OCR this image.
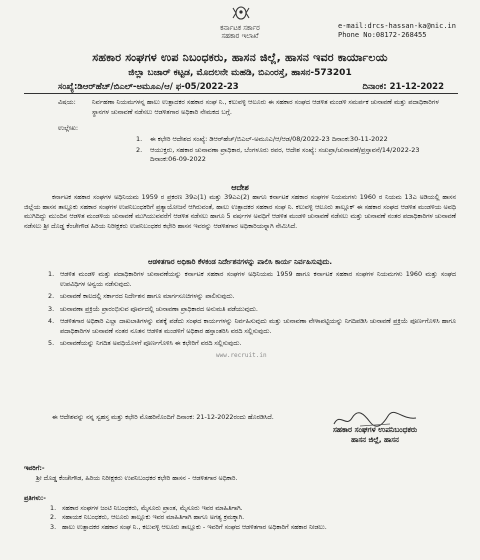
ಕರ್ನಾಟಕ ಸರ್ಕಾರ
ಸಹಕಾರ ಇಲಾಖೆ
e-mail:drcs-hassan-ka@nic.in
Phone No:08172-268455
ಸಹಕಾರ ಸಂಘಗಳ ಉಪ ನಿಬಂಧಕರು, ಹಾಸನ ಜಿಲ್ಲೆ, ಹಾಸನ ಇವರ ಕಾರ್ಯಾಲಯ
ಜಿಲ್ಲಾ ಬಜಾರ್ ಕಟ್ಟಡ, ಮೊದಲನೇ ಮಹಡಿ, ಬಿಎಂರಸ್ತೆ, ಹಾಸನ-573201
ಸಂಖ್ಯೆ:ಡಿಆರ್‌ಹೆಚ್/ಬಿಎಲ್-ಅಮೂಎ/ಆ/ ಫ-05/2022-23	ದಿನಾಂಕ: 21-12-2022
ವಿಷಯ:	ನಿರ್ವಹಣಾ ನಿಯಮಗಳನ್ನ ಹಾಲು ಉತ್ಪಾದಕರ ಸಹಕಾರ ಸಂಘ ನಿ., ಕಲುವಳ್ಳಿ ಆಲೂರು ಈ ಸಹಕಾರ ಸಂಘದ ಆಡಳಿತ ಮಂಡಳಿ ಸಮರ್ಪಕ ಚುನಾವಣೆ ಮತ್ತು ಪದಾಧಿಕಾರಿಗಳ ಸ್ಥಾನಗಳ ಚುನಾವಣೆ ನಡೆಸಲು ಆಡಳಿತಗಾರ ಅಧಿಕಾರಿ ನೇಮಕದ ಬಗ್ಗೆ.
ಉಲ್ಲೇಖ:
1.	ಈ ಕಛೇರಿ ಆದೇಶದ ಸಂಖ್ಯೆ: ಡಿಆರ್‌ಹೆಚ್/ಬಿಎಲ್-ಅಮೂಎ/ಆ/ಆಡ/08/2022-23 ದಿನಾಂಕ:30-11-2022
2.	ಆಯುಕ್ತರು, ಸಹಕಾರ ಚುನಾವಣಾ ಪ್ರಾಧಿಕಾರ, ಬೆಂಗಳೂರು ರವರ, ಆದೇಶ ಸಂಖ್ಯೆ: ಸಚುಪ್ರಾ/ಚುನಾವಣೆ/ಪ್ರಸ್ತಾವನೆ/14/2022-23 ದಿನಾಂಕ:06-09-2022
ಆದೇಶ
ಕರ್ನಾಟಕ ಸಹಕಾರ ಸಂಘಗಳ ಅಧಿನಿಯಮ 1959 ರ ಪ್ರಕರಣ 39ಎ(1) ಮತ್ತು 39ಎಎ(2) ಹಾಗೂ ಕರ್ನಾಟಕ ಸಹಕಾರ ಸಂಘಗಳ ನಿಯಮಗಳು 1960 ರ ನಿಯಮ 13ಎ ಅಡಿಯಲ್ಲಿ ಹಾಸನ ಜಿಲ್ಲೆಯ ಹಾಸನ ತಾಲ್ಲೂಕು ಸಹಕಾರ ಸಂಘಗಳ ಉಪನಿಬಂಧಕರಿಗೆ ಪ್ರತ್ಯಾಯೋಜನೆ ಆಗಿರುವಂತೆ, ಹಾಲು ಉತ್ಪಾದಕರ ಸಹಕಾರ ಸಂಘ ನಿ. ಕಲುವಳ್ಳಿ ಆಲೂರು ತಾಲ್ಲೂಕ್ ಈ ಸಹಕಾರ ಸಂಘದ ಆಡಳಿತ ಮಂಡಳಿಯ ಅವಧಿ ಮುಗಿದಿದ್ದು ಮುಂದಿನ ಆಡಳಿತ ಮಂಡಳಿಯ ಚುನಾವಣೆ ಮುಗಿಯುವವರೆಗೆ ಆಡಳಿತ ನಡೆಸಲು ಹಾಗೂ 5 ವರ್ಷಗಳ ಅವಧಿಗೆ ಆಡಳಿತ ಮಂಡಳಿ ಚುನಾವಣೆ ನಡೆಸಲು ಮತ್ತು ಚುನಾವಣೆ ನಂತರ ಪದಾಧಿಕಾರಿಗಳ ಚುನಾವಣೆ ನಡೆಸಲು ಶ್ರೀ ದೊಡ್ಡ ಕೆಂಚೇಗೌಡ ಹಿರಿಯ ನಿರೀಕ್ಷಕರು ಉಪನಿಬಂಧಕರ ಕಛೇರಿ ಹಾಸನ ಇವರನ್ನು ಆಡಳಿತಗಾರ ಅಧಿಕಾರಿಯನ್ನಾಗಿ ನೇಮಿಸಿದೆ.
ಆಡಳಿತಗಾರ ಅಧಿಕಾರಿ ಕೆಳಕಂಡ ನಿರ್ದೇಶನಗಳನ್ನು ಪಾಲಿಸಿ ಕಾರ್ಯ ನಿರ್ವಹಿಸುವುದು.
1. ಆಡಳಿತ ಮಂಡಳಿ ಮತ್ತು ಪದಾಧಿಕಾರಿಗಳ ಚುನಾವಣೆಯನ್ನು ಕರ್ನಾಟಕ ಸಹಕಾರ ಸಂಘಗಳ ಅಧಿನಿಯಮ 1959 ಹಾಗೂ ಕರ್ನಾಟಕ ಸಹಕಾರ ಸಂಘಗಳ ನಿಯಮಗಳು 1960 ಮತ್ತು ಸಂಘದ ಉಪವಿಧಿಗಳ ಅನ್ವಯ ನಡೆಸುವುದು.
2. ಚುನಾವಣೆ ಕಾಲದಲ್ಲಿ ಸರ್ಕಾರದ ನಿರ್ದೇಶನ ಹಾಗೂ ಮಾರ್ಗಸೂಚಿಗಳನ್ನು ಪಾಲಿಸುವುದು.
3. ಚುನಾವಣಾ ಪ್ರಕ್ರಿಯೆ ಪ್ರಾರಂಭಿಸುವ ಪೂರ್ವದಲ್ಲಿ ಚುನಾವಣಾ ಪ್ರಾಧಿಕಾರದ ಅನುಮತಿ ಪಡೆಯುವುದು.
4. ಆಡಳಿತಗಾರ ಅಧಿಕಾರಿ ಎಲ್ಲಾ ದಾಖಲಾತಿಗಳನ್ನು ವಶಕ್ಕೆ ಪಡೆದು ಸಂಘದ ಕಾರ್ಯಗಳನ್ನು ನಿರ್ವಹಿಸುವುದು ಮತ್ತು ಚುನಾವಣಾ ವೇಳಾಪಟ್ಟಿಯನ್ನು ನಿಗದಿಪಡಿಸಿ ಚುನಾವಣೆ ಪ್ರಕ್ರಿಯೆ ಪೂರ್ಣಗೊಳಿಸಿ ಹಾಗೂ ಪದಾಧಿಕಾರಿಗಳ ಚುನಾವಣೆ ನಂತರ ನೂತನ ಆಡಳಿತ ಮಂಡಳಿಗೆ ಅಧಿಕಾರ ಹಸ್ತಾಂತರಿಸಿ ವರದಿ ಸಲ್ಲಿಸುವುದು.
5. ಚುನಾವಣೆಯನ್ನು ನಿಗದಿತ ಅವಧಿಯೊಳಗೆ ಪೂರ್ಣಗೊಳಿಸಿ ಈ ಕಛೇರಿಗೆ ವರದಿ ಸಲ್ಲಿಸುವುದು.
www.recruit.in
ಈ ಆದೇಶವನ್ನು ನನ್ನ ಸ್ವಹಸ್ತ ಮತ್ತು ಕಛೇರಿ ಮೊಹರಿನೊಂದಿಗೆ ದಿನಾಂಕ: 21-12-2022ರಂದು ಹೊರಡಿಸಿದೆ.
ಸಹಕಾರ ಸಂಘಗಳ ಉಪನಿಬಂಧಕರು
ಹಾಸನ ಜಿಲ್ಲೆ, ಹಾಸನ
ಇವರಿಗೆ:-
ಶ್ರೀ ದೊಡ್ಡ ಕೆಂಚೇಗೌಡ, ಹಿರಿಯ ನಿರೀಕ್ಷಕರು ಉಪನಿಬಂಧಕರ ಕಛೇರಿ ಹಾಸನ - ಆಡಳಿತಗಾರ ಅಧಿಕಾರಿ.
ಪ್ರತಿಗಳು:-
1. ಸಹಕಾರ ಸಂಘಗಳ ಜಂಟಿ ನಿಬಂಧಕರು, ಮೈಸೂರು ಪ್ರಾಂತ, ಮೈಸೂರು ಇವರ ಮಾಹಿತಿಗಾಗಿ.
2. ಸಹಾಯಕ ನಿಬಂಧಕರು, ಆಲೂರು ತಾಲ್ಲೂಕು ಇವರ ಮಾಹಿತಿಗಾಗಿ ಹಾಗೂ ಅಗತ್ಯ ಕ್ರಮಕ್ಕಾಗಿ.
3. ಹಾಲು ಉತ್ಪಾದಕರ ಸಹಕಾರ ಸಂಘ ನಿ., ಕಲುವಳ್ಳಿ ಆಲೂರು ತಾಲ್ಲೂಕು - ಇವರಿಗೆ ಸಂಘದ ಆಡಳಿತಗಾರ ಅಧಿಕಾರಿಗೆ ಸಹಕಾರ ನೀಡಲು.
